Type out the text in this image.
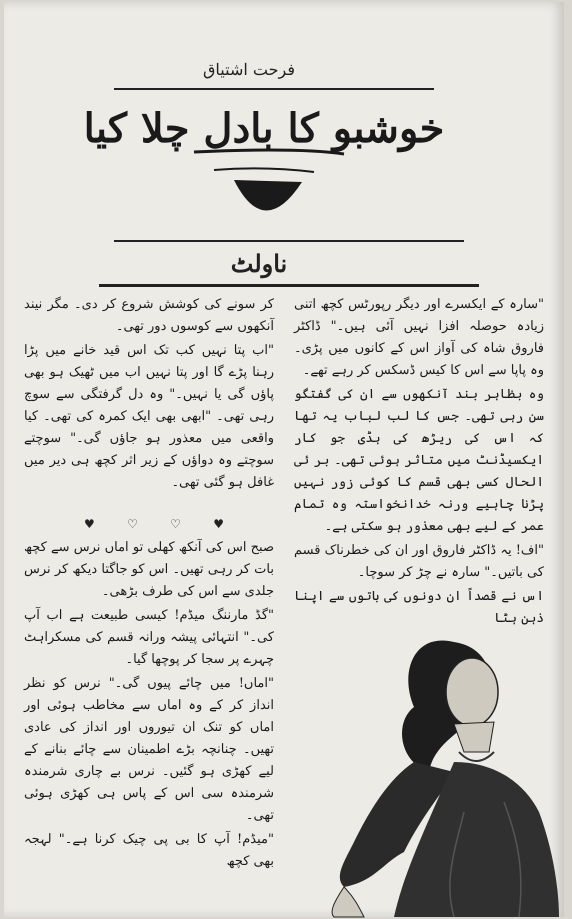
فرحت اشتیاق
خوشبو کا بادل چلا کیا
ناولٹ

"سارہ کے ایکسرے اور دیگر رپورٹس کچھ اتنی زیادہ حوصلہ افزا نہیں آئی ہیں۔" ڈاکٹر فاروق شاہ کی آواز اس کے کانوں میں پڑی۔ وہ پاپا سے اس کا کیس ڈسکس کر رہے تھے۔

وہ بظاہر بند آنکھوں سے ان کی گفتگو سن رہی تھی۔ جس کا لب لباب یہ تھا کہ اس کی ریڑھ کی ہڈی جو کار ایکسیڈنٹ میں متاثر ہوئی تھی۔ بر ئی الحال کسی بھی قسم کا کوئی زور نہیں پڑنا چاہیے ورنہ خدانخواستہ وہ تمام عمر کے لیے بھی معذور ہو سکتی ہے۔

"اف! یہ ڈاکٹر فاروق اور ان کی خطرناک قسم کی باتیں۔" سارہ نے چڑ کر سوچا۔

اس نے قصداً ان دونوں کی باتوں سے اپنا ذہن ہٹا

کر سونے کی کوشش شروع کر دی۔ مگر نیند آنکھوں سے کوسوں دور تھی۔

"اب پتا نہیں کب تک اس قید خانے میں پڑا رہنا پڑے گا اور پتا نہیں اب میں ٹھیک ہو بھی پاؤں گی یا نہیں۔" وہ دل گرفتگی سے سوچ رہی تھی۔ "ابھی بھی ایک کمرہ کی تھی۔ کیا واقعی میں معذور ہو جاؤں گی۔" سوچتے سوچتے وہ دواؤں کے زیر اثر کچھ ہی دیر میں غافل ہو گئی تھی۔

♥	♡	♡	♥

صبح اس کی آنکھ کھلی تو اماں نرس سے کچھ بات کر رہی تھیں۔ اس کو جاگتا دیکھ کر نرس جلدی سے اس کی طرف بڑھی۔

"گڈ مارننگ میڈم! کیسی طبیعت ہے اب آپ کی۔" انتہائی پیشہ ورانہ قسم کی مسکراہٹ چہرے پر سجا کر پوچھا گیا۔

"اماں! میں چائے پیوں گی۔" نرس کو نظر انداز کر کے وہ اماں سے مخاطب ہوئی اور اماں کو تنک ان تیوروں اور انداز کی عادی تھیں۔ چنانچہ بڑے اطمینان سے چائے بنانے کے لیے کھڑی ہو گئیں۔ نرس بے چاری شرمندہ شرمندہ سی اس کے پاس ہی کھڑی ہوئی تھی۔

"میڈم! آپ کا بی پی چیک کرنا ہے۔" لہجہ بھی کچھ
